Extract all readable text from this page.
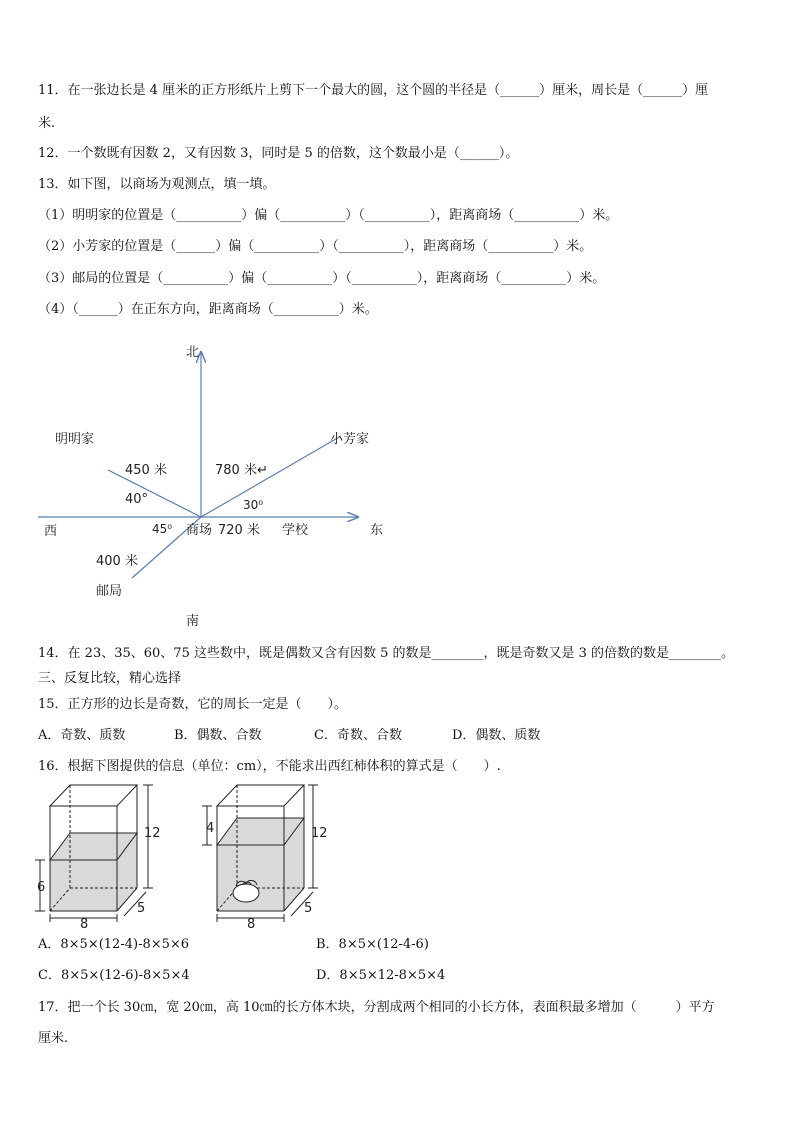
11．在一张边长是 4 厘米的正方形纸片上剪下一个最大的圆，这个圆的半径是（______）厘米，周长是（______）厘
米.
12．一个数既有因数 2，又有因数 3，同时是 5 的倍数，这个数最小是（______）。
13．如下图，以商场为观测点，填一填。
（1）明明家的位置是（__________）偏（__________）（__________），距离商场（__________）米。
（2）小芳家的位置是（______）偏（__________）（__________），距离商场（__________）米。
（3）邮局的位置是（__________）偏（__________）（__________），距离商场（__________）米。
（4）（______）在正东方向，距离商场（__________）米。
北
明明家	小芳家
450 米	780 米↵
40°	30⁰
西	45⁰ 商场 720 米 学校	东
400 米
邮局
南
14．在 23、35、60、75 这些数中，既是偶数又含有因数 5 的数是________，既是奇数又是 3 的倍数的数是________。
三、反复比较，精心选择
15．正方形的边长是奇数，它的周长一定是（　　）。
A．奇数、质数	B．偶数、合数	C．奇数、合数	D．偶数、质数
16．根据下图提供的信息（单位：cm），不能求出西红柿体积的算式是（　　）.
12
6
8
5
12
4
8
5
A．8×5×(12-4)-8×5×6	B．8×5×(12-4-6)
C．8×5×(12-6)-8×5×4	D．8×5×12-8×5×4
17．把一个长 30㎝，宽 20㎝，高 10㎝的长方体木块，分割成两个相同的小长方体，表面积最多增加（　　　）平方
厘米.
